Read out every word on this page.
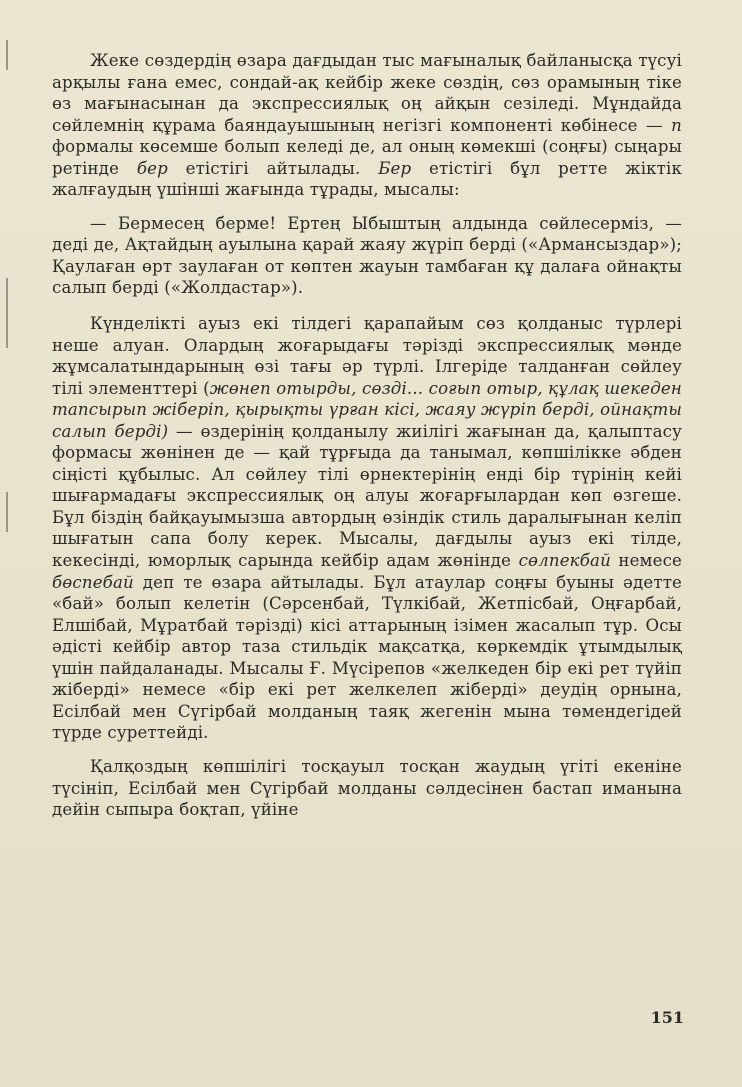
Жеке сөздердің өзара дағдыдан тыс мағыналық байланысқа түсуі арқылы ғана емес, сондай-ақ кейбір жеке сөздің, сөз орамының тікe өз мағынасынан да экспрессиялық оң айқын сезіледі. Мұндайда сөйлемнің құрама баяндауышының негізгі компоненті көбінесе — п формалы көсемше болып келеді де, ал оның көмекші (соңғы) сыңары ретінде бер етістігі айтылады. Бер етістігі бұл ретте жіктік жалғаудың үшінші жағында тұрады, мысалы:

— Бермесең берме! Ертең Ыбыштың алдында сөйлесерміз, — деді де, Ақтайдың ауылына қарай жаяу жүріп берді («Армансыздар»); Қаулаған өрт заулаған от көптен жауын тамбаған құ далаға ойнақты салып берді («Жолдастар»).

Күнделікті ауыз екі тілдегі қарапайым сөз қолданыс түрлері неше алуан. Олардың жоғарыдағы тәрізді экспрессиялық мәнде жұмсалатындарының өзі тағы әр түрлі. Ілгеріде талданған сөйлеу тілі элементтері (жөнеп отырды, сөзді... соғып отыр, құлақ шекеден тапсырып жіберіп, қырықты үрған кісі, жаяу жүріп берді, ойнақты салып берді) — өздерінің қолданылу жиілігі жағынан да, қалыптасу формасы жөнінен де — қай тұрғыда да танымал, көпшілікке әбден сіңісті құбылыс. Ал сөйлеу тілі өрнектерінің енді бір түрінің кейі шығармадағы экспрессиялық оң алуы жоғарғылардан көп өзгеше. Бұл біздің байқауымызша автордың өзіндік стиль даралығынан келіп шығатын сапа болу керек. Мысалы, дағдылы ауыз екі тілде, кекесінді, юморлық сарында кейбір адам жөнінде сөлпекбай немесе бөспебай деп те өзара айтылады. Бұл атаулар соңғы буыны әдетте «бай» болып келетін (Сәрсенбай, Түлкібай, Жетпісбай, Оңғарбай, Елшібай, Мұратбай тәрізді) кісі аттарының ізімен жасалып тұр. Осы әдісті кейбір автор таза стильдік мақсатқа, көркемдік ұтымдылық үшін пайдаланады. Мысалы Ғ. Мүсірепов «желкеден бір екі рет түйіп жіберді» немесе «бір екі рет желкелеп жіберді» деудің орнына, Есілбай мен Сүгірбай молданың таяқ жегенін мына төмендегідей түрде суреттейді.

Қалқоздың көпшілігі тосқауыл тосқан жаудың үгіті екеніне түсініп, Есілбай мен Сүгірбай молданы сәлдесінен бастап иманына дейін сыпыра боқтап, үйіне

151
